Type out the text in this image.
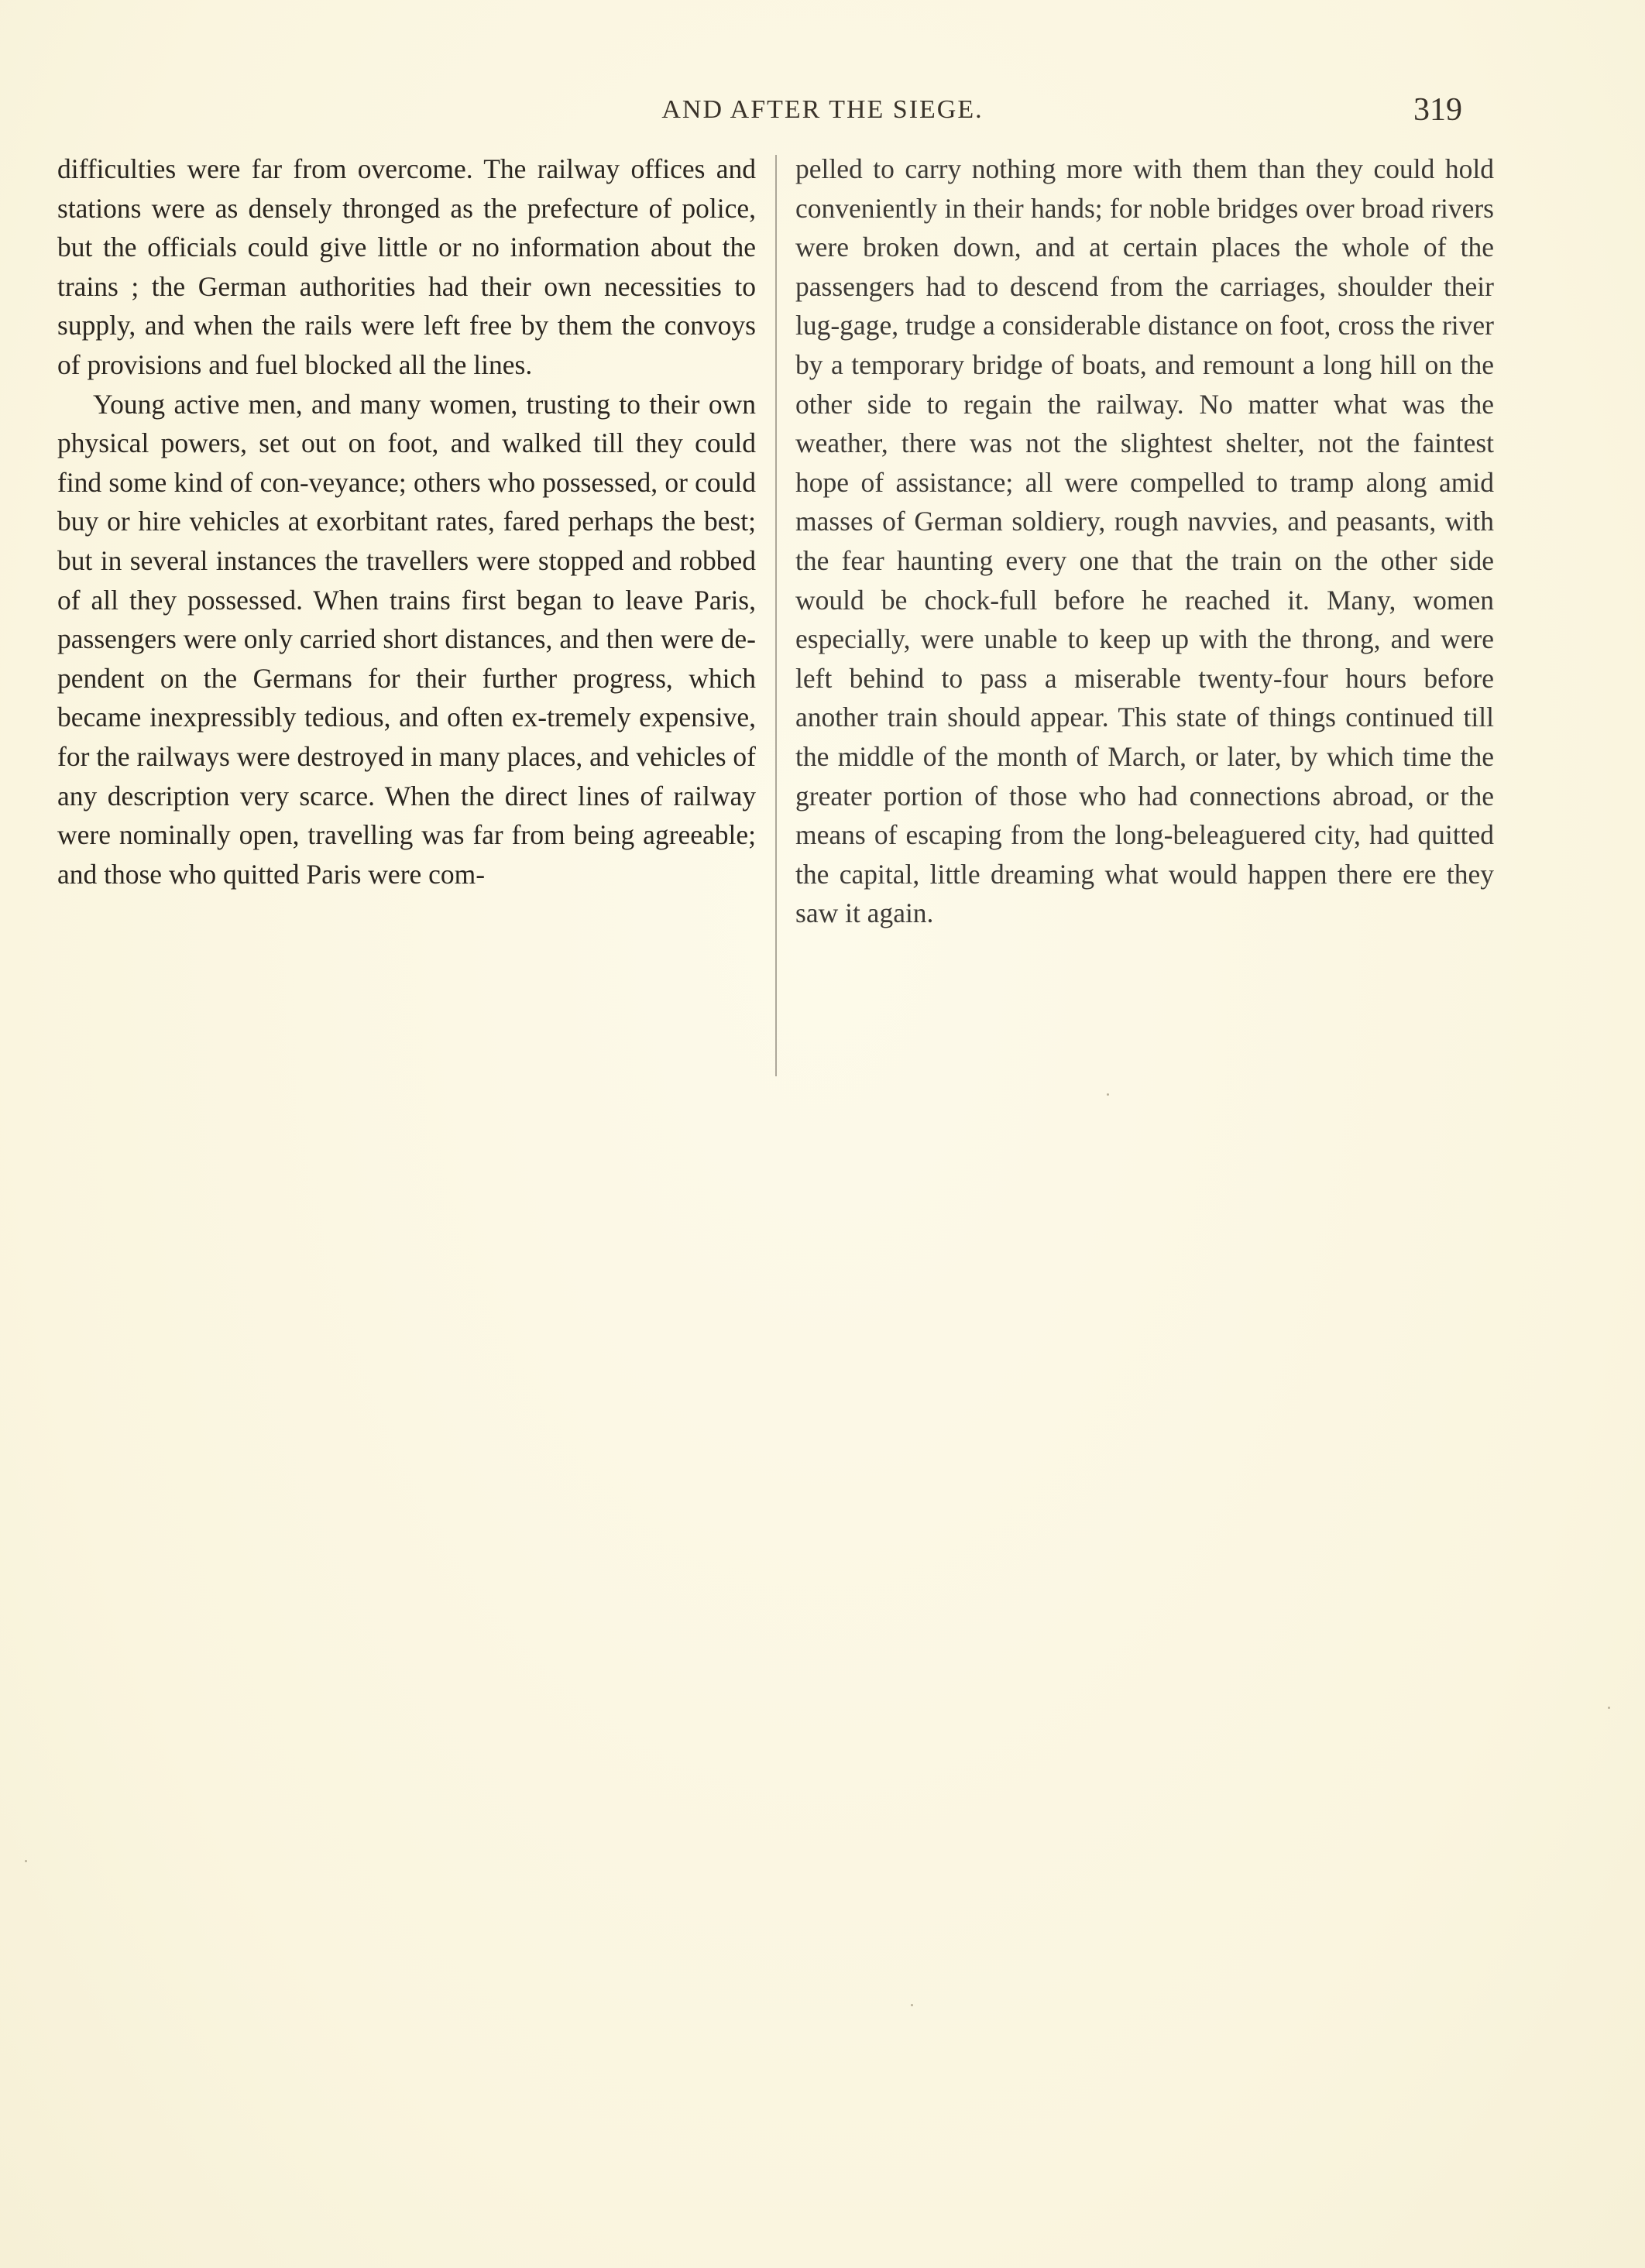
AND AFTER THE SIEGE.	319

difficulties were far from overcome. The railway offices and stations were as densely thronged as the prefecture of police, but the officials could give little or no information about the trains ; the German authorities had their own necessities to supply, and when the rails were left free by them the convoys of provisions and fuel blocked all the lines.

Young active men, and many women, trusting to their own physical powers, set out on foot, and walked till they could find some kind of con-veyance; others who possessed, or could buy or hire vehicles at exorbitant rates, fared perhaps the best; but in several instances the travellers were stopped and robbed of all they possessed. When trains first began to leave Paris, passengers were only carried short distances, and then were de-pendent on the Germans for their further progress, which became inexpressibly tedious, and often ex-tremely expensive, for the railways were destroyed in many places, and vehicles of any description very scarce. When the direct lines of railway were nominally open, travelling was far from being agreeable; and those who quitted Paris were com-

pelled to carry nothing more with them than they could hold conveniently in their hands; for noble bridges over broad rivers were broken down, and at certain places the whole of the passengers had to descend from the carriages, shoulder their lug-gage, trudge a considerable distance on foot, cross the river by a temporary bridge of boats, and remount a long hill on the other side to regain the railway. No matter what was the weather, there was not the slightest shelter, not the faintest hope of assistance; all were compelled to tramp along amid masses of German soldiery, rough navvies, and peasants, with the fear haunting every one that the train on the other side would be chock-full before he reached it. Many, women especially, were unable to keep up with the throng, and were left behind to pass a miserable twenty-four hours before another train should appear. This state of things continued till the middle of the month of March, or later, by which time the greater portion of those who had connections abroad, or the means of escaping from the long-beleaguered city, had quitted the capital, little dreaming what would happen there ere they saw it again.
